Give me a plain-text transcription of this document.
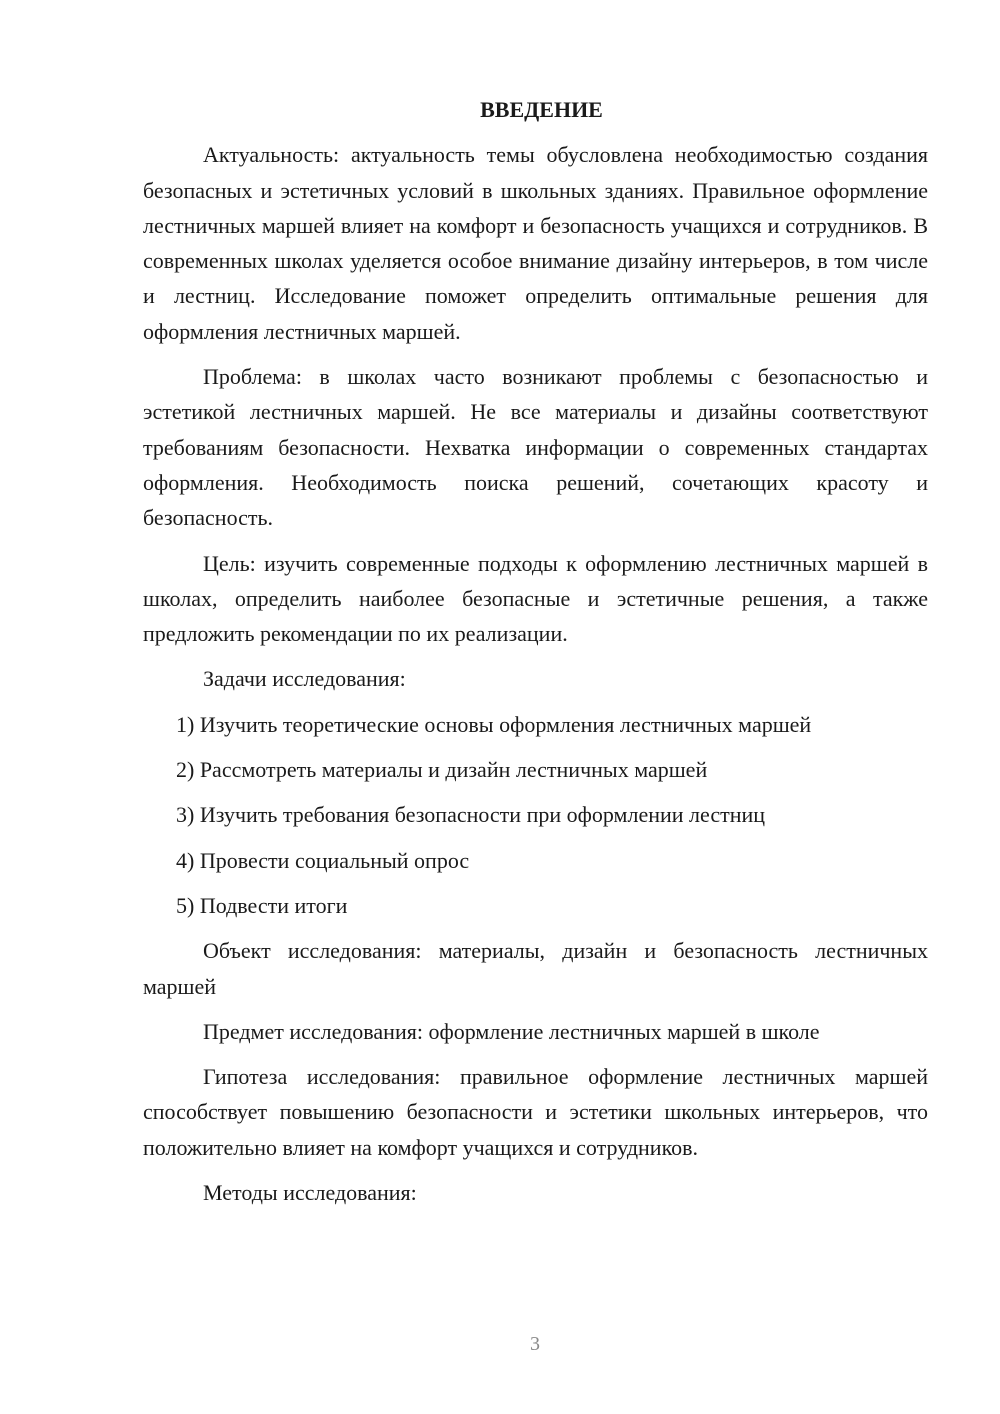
ВВЕДЕНИЕ

Актуальность: актуальность темы обусловлена необходимостью создания безопасных и эстетичных условий в школьных зданиях. Правильное оформление лестничных маршей влияет на комфорт и безопасность учащихся и сотрудников. В современных школах уделяется особое внимание дизайну интерьеров, в том числе и лестниц. Исследование поможет определить оптимальные решения для оформления лестничных маршей.

Проблема: в школах часто возникают проблемы с безопасностью и эстетикой лестничных маршей. Не все материалы и дизайны соответствуют требованиям безопасности. Нехватка информации о современных стандартах оформления. Необходимость поиска решений, сочетающих красоту и безопасность.

Цель: изучить современные подходы к оформлению лестничных маршей в школах, определить наиболее безопасные и эстетичные решения, а также предложить рекомендации по их реализации.

Задачи исследования:

1) Изучить теоретические основы оформления лестничных маршей
2) Рассмотреть материалы и дизайн лестничных маршей
3) Изучить требования безопасности при оформлении лестниц
4) Провести социальный опрос
5) Подвести итоги

Объект исследования: материалы, дизайн и безопасность лестничных маршей

Предмет исследования: оформление лестничных маршей в школе

Гипотеза исследования: правильное оформление лестничных маршей способствует повышению безопасности и эстетики школьных интерьеров, что положительно влияет на комфорт учащихся и сотрудников.

Методы исследования:

3
